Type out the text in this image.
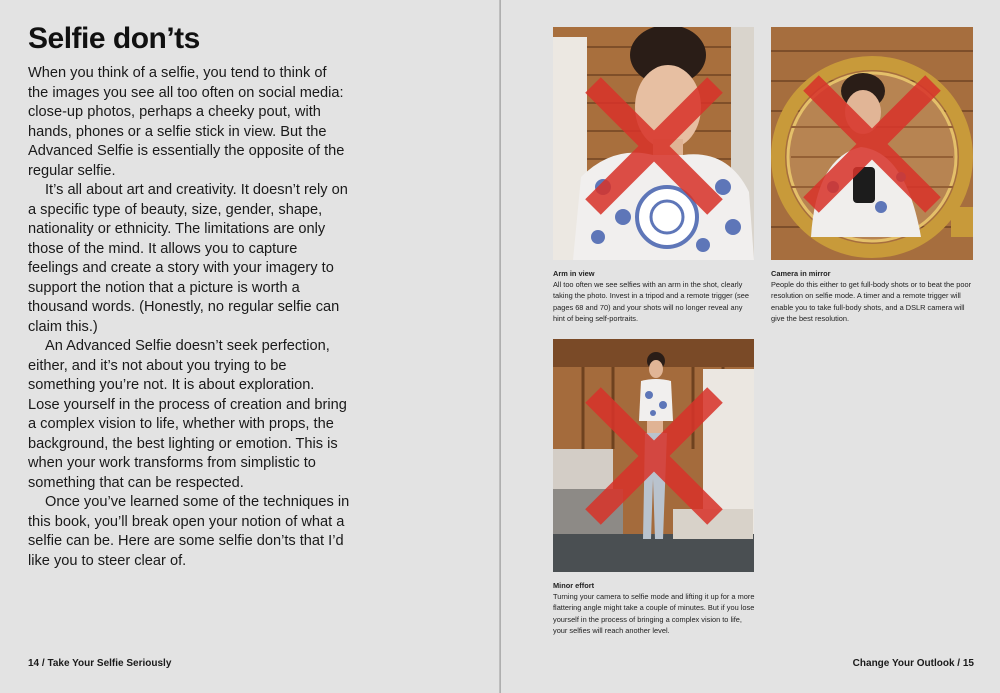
Selfie don’ts

When you think of a selfie, you tend to think of the images you see all too often on social media: close-up photos, perhaps a cheeky pout, with hands, phones or a selfie stick in view. But the Advanced Selfie is essentially the opposite of the regular selfie.

It’s all about art and creativity. It doesn’t rely on a specific type of beauty, size, gender, shape, nationality or ethnicity. The limitations are only those of the mind. It allows you to capture feelings and create a story with your imagery to support the notion that a picture is worth a thousand words. (Honestly, no regular selfie can claim this.)

An Advanced Selfie doesn’t seek perfection, either, and it’s not about you trying to be something you’re not. It is about exploration. Lose yourself in the process of creation and bring a complex vision to life, whether with props, the background, the best lighting or emotion. This is when your work transforms from simplistic to something that can be respected.

Once you’ve learned some of the techniques in this book, you’ll break open your notion of what a selfie can be. Here are some selfie don’ts that I’d like you to steer clear of.

14 / Take Your Selfie Seriously	Change Your Outlook / 15
Arm in view
All too often we see selfies with an arm in the shot, clearly taking the photo. Invest in a tripod and a remote trigger (see pages 68 and 70) and your shots will no longer reveal any hint of being self-portraits.
Camera in mirror
People do this either to get full-body shots or to beat the poor resolution on selfie mode. A timer and a remote trigger will enable you to take full-body shots, and a DSLR camera will give the best resolution.
Minor effort
Turning your camera to selfie mode and lifting it up for a more flattering angle might take a couple of minutes. But if you lose yourself in the process of bringing a complex vision to life, your selfies will reach another level.
